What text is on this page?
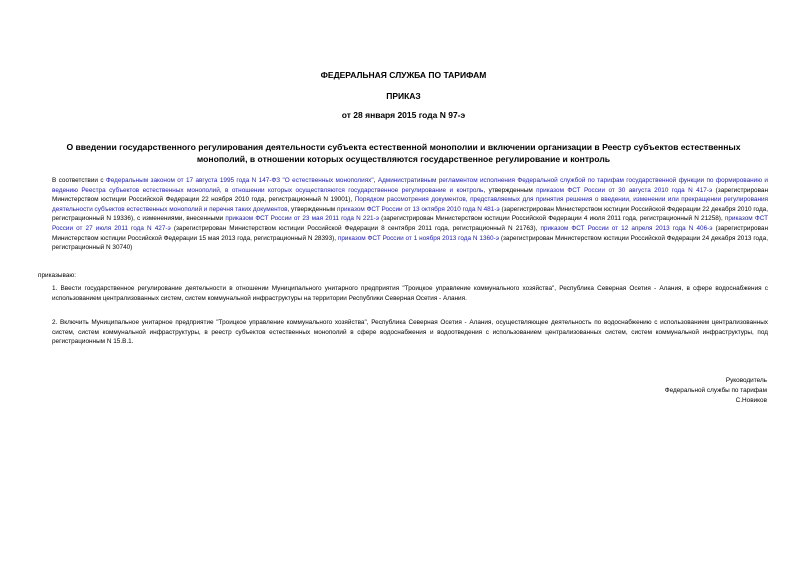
ФЕДЕРАЛЬНАЯ СЛУЖБА ПО ТАРИФАМ
ПРИКАЗ
от 28 января 2015 года N 97-э
О введении государственного регулирования деятельности субъекта естественной монополии и включении организации в Реестр субъектов естественных монополий, в отношении которых осуществляются государственное регулирование и контроль
В соответствии с Федеральным законом от 17 августа 1995 года N 147-ФЗ "О естественных монополиях", Административным регламентом исполнения Федеральной службой по тарифам государственной функции по формированию и ведению Реестра субъектов естественных монополий, в отношении которых осуществляются государственное регулирование и контроль, утвержденным приказом ФСТ России от 30 августа 2010 года N 417-э (зарегистрирован Министерством юстиции Российской Федерации 22 ноября 2010 года, регистрационный N 19001), Порядком рассмотрения документов, представляемых для принятия решения о введении, изменении или прекращении регулирования деятельности субъектов естественных монополий и перечня таких документов, утвержденным приказом ФСТ России от 13 октября 2010 года N 481-э (зарегистрирован Министерством юстиции Российской Федерации 22 декабря 2010 года, регистрационный N 19336), с изменениями, внесенными приказом ФСТ России от 23 мая 2011 года N 221-э (зарегистрирован Министерством юстиции Российской Федерации 4 июля 2011 года, регистрационный N 21258), приказом ФСТ России от 27 июля 2011 года N 427-э (зарегистрирован Министерством юстиции Российской Федерации 8 сентября 2011 года, регистрационный N 21763), приказом ФСТ России от 12 апреля 2013 года N 406-э (зарегистрирован Министерством юстиции Российской Федерации 15 мая 2013 года, регистрационный N 28393), приказом ФСТ России от 1 ноября 2013 года N 1360-э (зарегистрирован Министерством юстиции Российской Федерации 24 декабря 2013 года, регистрационный N 30740)
приказываю:
1. Ввести государственное регулирование деятельности в отношении Муниципального унитарного предприятия "Троицкое управление коммунального хозяйства", Республика Северная Осетия - Алания, в сфере водоснабжения с использованием централизованных систем, систем коммунальной инфраструктуры на территории Республики Северная Осетия - Алания.
2. Включить Муниципальное унитарное предприятие "Троицкое управление коммунального хозяйства", Республика Северная Осетия - Алания, осуществляющее деятельность по водоснабжению с использованием централизованных систем, систем коммунальной инфраструктуры, в реестр субъектов естественных монополий в сфере водоснабжения и водоотведения с использованием централизованных систем, систем коммунальной инфраструктуры, под регистрационным N 15.В.1.
Руководитель
Федеральной службы по тарифам
С.Новиков
